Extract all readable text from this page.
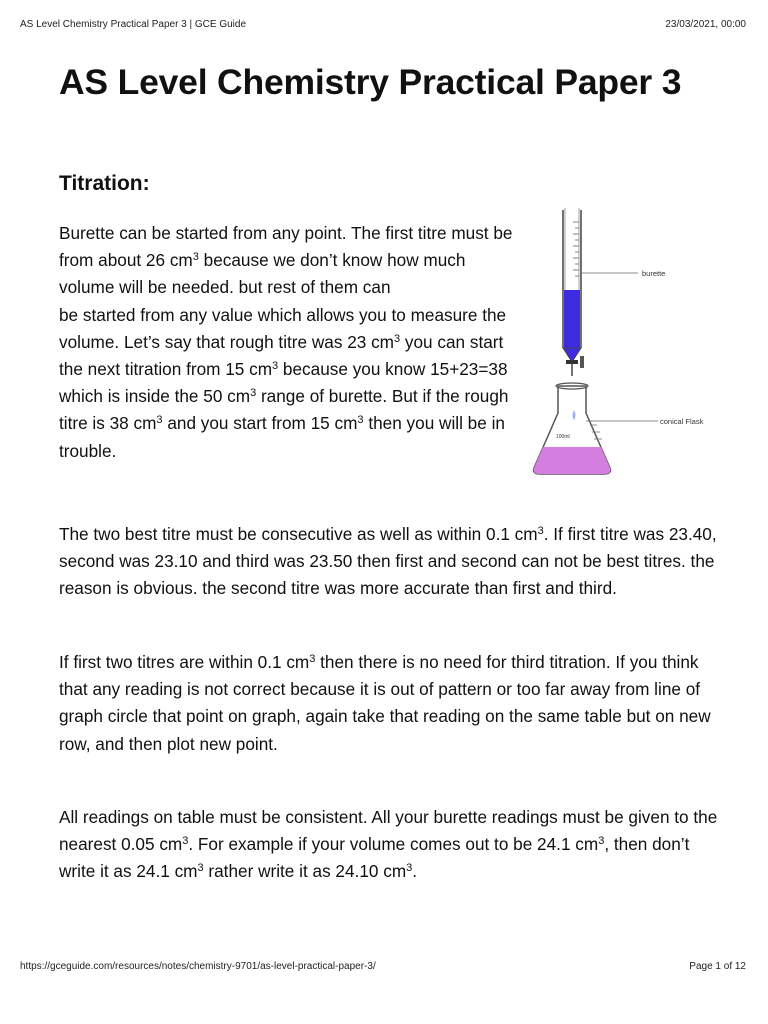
AS Level Chemistry Practical Paper 3 | GCE Guide	23/03/2021, 00:00
AS Level Chemistry Practical Paper 3
Titration:

Burette can be started from any point. The first titre must be from about 26 $cm^3$ because we don’t know how much
volume will be needed. but rest of them can
be started from any value which allows you to measure the volume. Let’s say that rough titre was 23 $cm^3$ you can start the next titration from 15 $cm^3$ because you know 15+23=38 which is inside the 50 $cm^3$ range of burette. But if the rough titre is 38 $cm^3$ and you start from 15 $cm^3$ then you will be in trouble.

burette
100ml
conical Flask

The two best titre must be consecutive as well as within 0.1 $cm^3$. If first titre was 23.40, second was 23.10 and third was 23.50 then first and second can not be best titres. the reason is obvious. the second titre was more accurate than first and third.

If first two titres are within 0.1 $cm^3$ then there is no need for third titration. If you think that any reading is not correct because it is out of pattern or too far away from line of graph circle that point on graph, again take that reading on the same table but on new row, and then plot new point.

All readings on table must be consistent. All your burette readings must be given to the nearest 0.05 $cm^3$. For example if your volume comes out to be 24.1 $cm^3$, then don’t write it as 24.1 $cm^3$ rather write it as 24.10 $cm^3$.

https://gceguide.com/resources/notes/chemistry-9701/as-level-practical-paper-3/	Page 1 of 12
